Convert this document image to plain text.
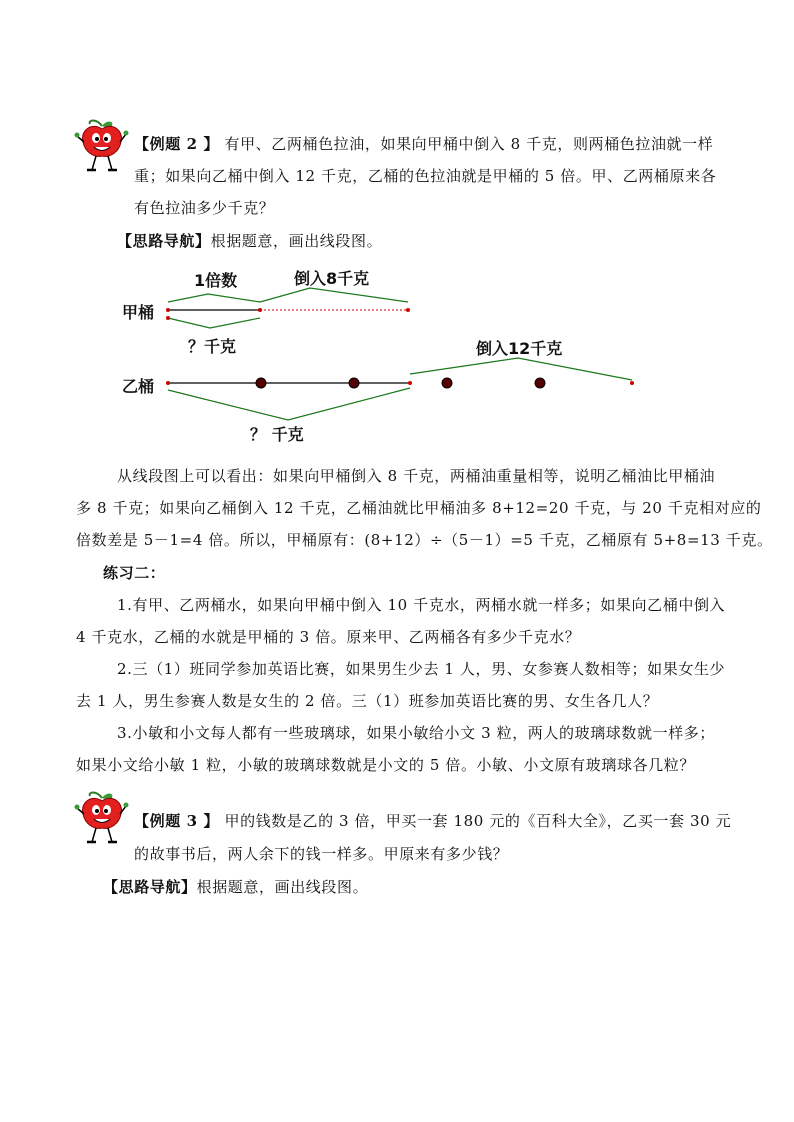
【例题 2 】 有甲、乙两桶色拉油，如果向甲桶中倒入 8 千克，则两桶色拉油就一样
重；如果向乙桶中倒入 12 千克，乙桶的色拉油就是甲桶的 5 倍。甲、乙两桶原来各
有色拉油多少千克？
【思路导航】根据题意，画出线段图。
1倍数	倒入8千克
甲桶
？千克	倒入12千克
乙桶
？ 千克
从线段图上可以看出：如果向甲桶倒入 8 千克，两桶油重量相等，说明乙桶油比甲桶油
多 8 千克；如果向乙桶倒入 12 千克，乙桶油就比甲桶油多 8+12=20 千克，与 20 千克相对应的
倍数差是 5－1=4 倍。所以，甲桶原有：(8+12）÷（5－1）=5 千克，乙桶原有 5+8=13 千克。
练习二：
1.有甲、乙两桶水，如果向甲桶中倒入 10 千克水，两桶水就一样多；如果向乙桶中倒入
4 千克水，乙桶的水就是甲桶的 3 倍。原来甲、乙两桶各有多少千克水？
2.三（1）班同学参加英语比赛，如果男生少去 1 人，男、女参赛人数相等；如果女生少
去 1 人，男生参赛人数是女生的 2 倍。三（1）班参加英语比赛的男、女生各几人？
3.小敏和小文每人都有一些玻璃球，如果小敏给小文 3 粒，两人的玻璃球数就一样多；
如果小文给小敏 1 粒，小敏的玻璃球数就是小文的 5 倍。小敏、小文原有玻璃球各几粒？
【例题 3 】 甲的钱数是乙的 3 倍，甲买一套 180 元的《百科大全》，乙买一套 30 元
的故事书后，两人余下的钱一样多。甲原来有多少钱？
【思路导航】根据题意，画出线段图。
